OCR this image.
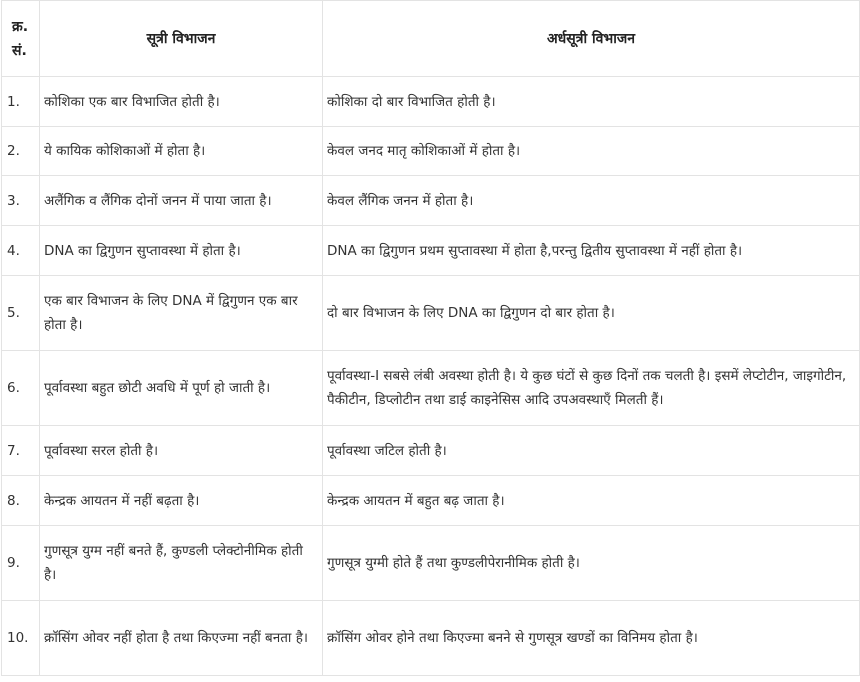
क्र.
सं.	सूत्री विभाजन	अर्धसूत्री विभाजन
1.	कोशिका एक बार विभाजित होती है।	कोशिका दो बार विभाजित होती है।
2.	ये कायिक कोशिकाओं में होता है।	केवल जनद मातृ कोशिकाओं में होता है।
3.	अलैंगिक व लैंगिक दोनों जनन में पाया जाता है।	केवल लैंगिक जनन में होता है।
4.	DNA का द्विगुणन सुप्तावस्था में होता है।	DNA का द्विगुणन प्रथम सुप्तावस्था में होता है,परन्तु द्वितीय सुप्तावस्था में नहीं होता है।
5.	एक बार विभाजन के लिए DNA में द्विगुणन एक बार होता है।	दो बार विभाजन के लिए DNA का द्विगुणन दो बार होता है।
6.	पूर्वावस्था बहुत छोटी अवधि में पूर्ण हो जाती है।	पूर्वावस्था-I सबसे लंबी अवस्था होती है। ये कुछ घंटों से कुछ दिनों तक चलती है। इसमें लेप्टोटीन, जाइगोटीन, पैकीटीन, डिप्लोटीन तथा डाई काइनेसिस आदि उपअवस्थाएँ मिलती हैं।
7.	पूर्वावस्था सरल होती है।	पूर्वावस्था जटिल होती है।
8.	केन्द्रक आयतन में नहीं बढ़ता है।	केन्द्रक आयतन में बहुत बढ़ जाता है।
9.	गुणसूत्र युग्म नहीं बनते हैं, कुण्डली प्लेक्टोनीमिक होती है।	गुणसूत्र युग्मी होते हैं तथा कुण्डलीपेरानीमिक होती है।
10.	क्रॉसिंग ओवर नहीं होता है तथा किएज्मा नहीं बनता है।	क्रॉसिंग ओवर होने तथा किएज्मा बनने से गुणसूत्र खण्डों का विनिमय होता है।
